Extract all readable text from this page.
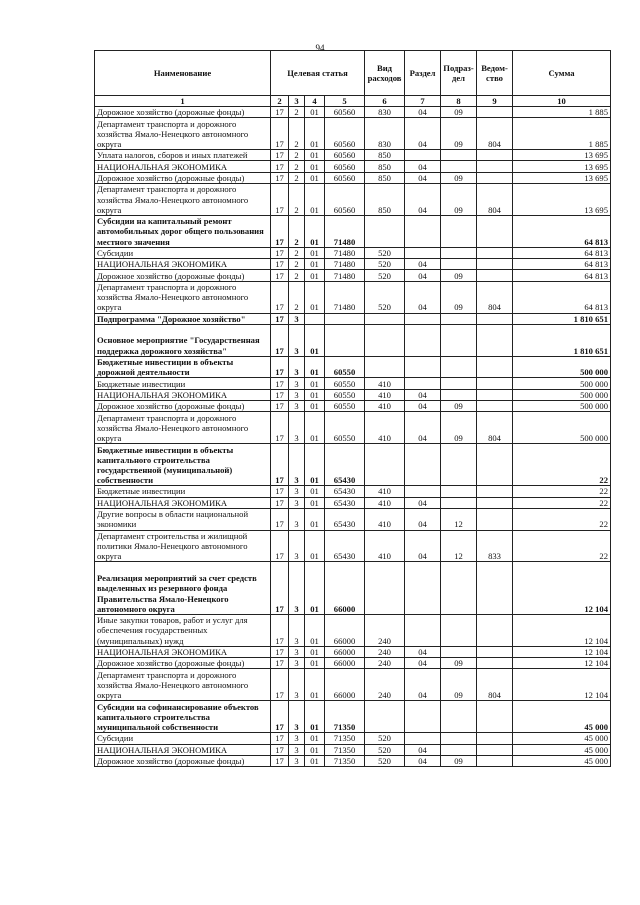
94
Наименование	Целевая статья				Вид расходов	Раздел	Подраз-дел	Ведом-ство	Сумма
1	2	3	4	5	6	7	8	9	10
Дорожное хозяйство (дорожные фонды)	17	2	01	60560	830	04	09		1 885
Департамент транспорта и дорожного хозяйства Ямало-Ненецкого автономного округа	17	2	01	60560	830	04	09	804	1 885
Уплата налогов, сборов и иных платежей	17	2	01	60560	850				13 695
НАЦИОНАЛЬНАЯ ЭКОНОМИКА	17	2	01	60560	850	04			13 695
Дорожное хозяйство (дорожные фонды)	17	2	01	60560	850	04	09		13 695
Департамент транспорта и дорожного хозяйства Ямало-Ненецкого автономного округа	17	2	01	60560	850	04	09	804	13 695
Субсидии на капитальный ремонт автомобильных дорог общего пользования местного значения	17	2	01	71480					64 813
Субсидии	17	2	01	71480	520				64 813
НАЦИОНАЛЬНАЯ ЭКОНОМИКА	17	2	01	71480	520	04			64 813
Дорожное хозяйство (дорожные фонды)	17	2	01	71480	520	04	09		64 813
Департамент транспорта и дорожного хозяйства Ямало-Ненецкого автономного округа	17	2	01	71480	520	04	09	804	64 813
Подпрограмма "Дорожное хозяйство"	17	3							1 810 651
Основное мероприятие "Государственная поддержка дорожного хозяйства"	17	3	01						1 810 651
Бюджетные инвестиции в объекты дорожной деятельности	17	3	01	60550					500 000
Бюджетные инвестиции	17	3	01	60550	410				500 000
НАЦИОНАЛЬНАЯ ЭКОНОМИКА	17	3	01	60550	410	04			500 000
Дорожное хозяйство (дорожные фонды)	17	3	01	60550	410	04	09		500 000
Департамент транспорта и дорожного хозяйства Ямало-Ненецкого автономного округа	17	3	01	60550	410	04	09	804	500 000
Бюджетные инвестиции в объекты капитального строительства государственной (муниципальной) собственности	17	3	01	65430					22
Бюджетные инвестиции	17	3	01	65430	410				22
НАЦИОНАЛЬНАЯ ЭКОНОМИКА	17	3	01	65430	410	04			22
Другие вопросы в области национальной экономики	17	3	01	65430	410	04	12		22
Департамент строительства и жилищной политики Ямало-Ненецкого автономного округа	17	3	01	65430	410	04	12	833	22
Реализация мероприятий за счет средств выделенных из резервного фонда Правительства Ямало-Ненецкого автономного округа	17	3	01	66000					12 104
Иные закупки товаров, работ и услуг для обеспечения государственных (муниципальных) нужд	17	3	01	66000	240				12 104
НАЦИОНАЛЬНАЯ ЭКОНОМИКА	17	3	01	66000	240	04			12 104
Дорожное хозяйство (дорожные фонды)	17	3	01	66000	240	04	09		12 104
Департамент транспорта и дорожного хозяйства Ямало-Ненецкого автономного округа	17	3	01	66000	240	04	09	804	12 104
Субсидии на софинансирование объектов капитального строительства муниципальной собственности	17	3	01	71350					45 000
Субсидии	17	3	01	71350	520				45 000
НАЦИОНАЛЬНАЯ ЭКОНОМИКА	17	3	01	71350	520	04			45 000
Дорожное хозяйство (дорожные фонды)	17	3	01	71350	520	04	09		45 000
